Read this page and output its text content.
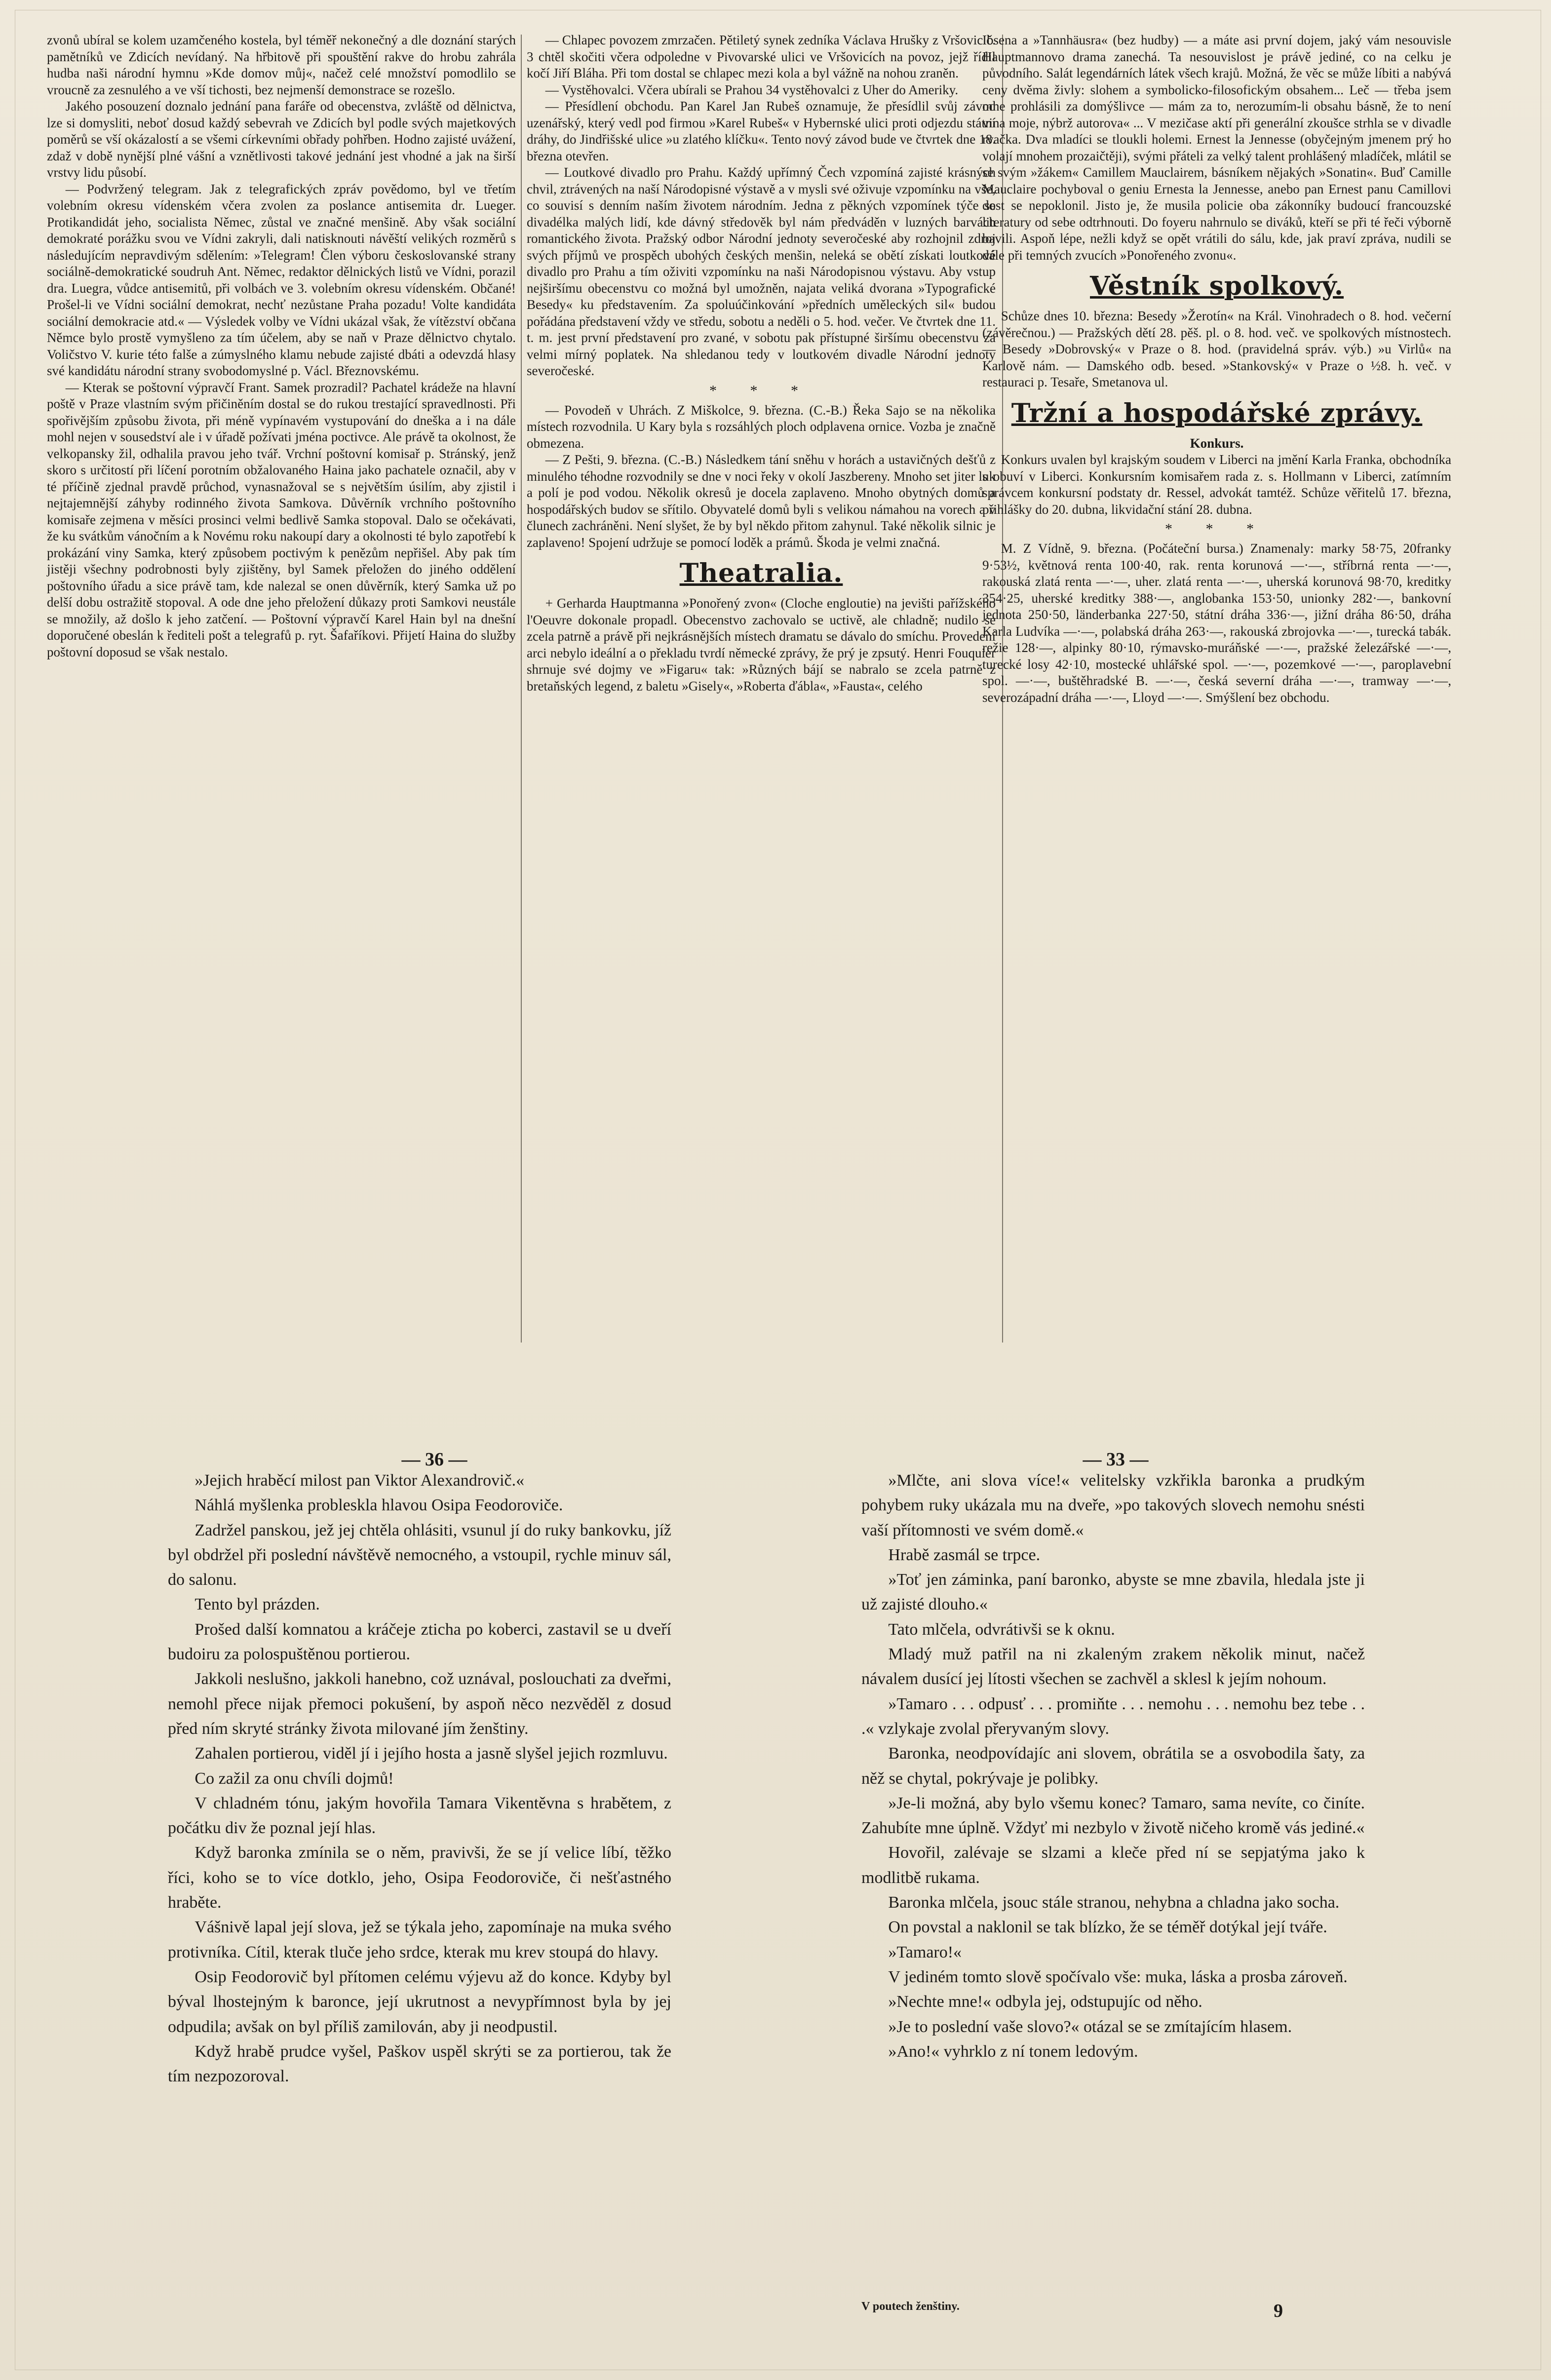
zvonů ubíral se kolem uzamčeného kostela, byl téměř nekonečný a dle doznání starých pamětníků ve Zdicích nevídaný. Na hřbitově při spouštění rakve do hrobu zahrála hudba naši národní hymnu »Kde domov můj«, načež celé množství pomodlilo se vroucně za zesnulého a ve vší tichosti, bez nejmenší demonstrace se rozešlo.

Jakého posouzení doznalo jednání pana faráře od obecenstva, zvláště od dělnictva, lze si domysliti, neboť dosud každý sebevrah ve Zdicích byl podle svých majetkových poměrů se vší okázalostí a se všemi církevními obřady pohřben. Hodno zajisté uvážení, zdaž v době nynější plné vášní a vznětlivosti takové jednání jest vhodné a jak na širší vrstvy lidu působí.

— Podvržený telegram. Jak z telegrafických zpráv povědomo, byl ve třetím volebním okresu vídenském včera zvolen za poslance antisemita dr. Lueger. Protikandidát jeho, socialista Němec, zůstal ve značné menšině. Aby však sociální demokraté porážku svou ve Vídni zakryli, dali natisknouti návěští velikých rozměrů s následujícím nepravdivým sdělením: »Telegram! Člen výboru českoslovanské strany sociálně-demokratické soudruh Ant. Němec, redaktor dělnických listů ve Vídni, porazil dra. Luegra, vůdce antisemitů, při volbách ve 3. volebním okresu vídenském. Občané! Prošel-li ve Vídni sociální demokrat, nechť nezůstane Praha pozadu! Volte kandidáta sociální demokracie atd.« — Výsledek volby ve Vídni ukázal však, že vítězství občana Němce bylo prostě vymyšleno za tím účelem, aby se naň v Praze dělnictvo chytalo. Voličstvo V. kurie této falše a zúmyslného klamu nebude zajisté dbáti a odevzdá hlasy své kandidátu národní strany svobodomyslné p. Václ. Březnovskému.

— Kterak se poštovní výpravčí Frant. Samek prozradil? Pachatel krádeže na hlavní poště v Praze vlastním svým přičiněním dostal se do rukou trestající spravedlnosti. Při spořivějším způsobu života, při méně vypínavém vystupování do dneška a i na dále mohl nejen v sousedství ale i v úřadě požívati jména poctivce. Ale právě ta okolnost, že velkopansky žil, odhalila pravou jeho tvář. Vrchní poštovní komisař p. Stránský, jenž skoro s určitostí při líčení porotním obžalovaného Haina jako pachatele označil, aby v té příčině zjednal pravdě průchod, vynasnažoval se s největším úsilím, aby zjistil i nejtajemnější záhyby rodinného života Samkova. Důvěrník vrchního poštovního komisaře zejmena v měsíci prosinci velmi bedlivě Samka stopoval. Dalo se očekávati, že ku svátkům vánočním a k Novému roku nakoupí dary a okolnosti té bylo zapotřebí k prokázání viny Samka, který způsobem poctivým k penězům nepřišel. Aby pak tím jistěji všechny podrobnosti byly zjištěny, byl Samek přeložen do jiného oddělení poštovního úřadu a sice právě tam, kde nalezal se onen důvěrník, který Samka už po delší dobu ostražitě stopoval. A ode dne jeho přeložení důkazy proti Samkovi neustále se množily, až došlo k jeho zatčení. — Poštovní výpravčí Karel Hain byl na dnešní doporučené obeslán k řediteli pošt a telegrafů p. ryt. Šafaříkovi. Přijetí Haina do služby poštovní doposud se však nestalo.

— Chlapec povozem zmrzačen. Pětiletý synek zedníka Václava Hrušky z Vršovic č. 3 chtěl skočiti včera odpoledne v Pivovarské ulici ve Vršovicích na povoz, jejž řídil kočí Jiří Bláha. Při tom dostal se chlapec mezi kola a byl vážně na nohou zraněn.

— Vystěhovalci. Včera ubírali se Prahou 34 vystěhovalci z Uher do Ameriky.

— Přesídlení obchodu. Pan Karel Jan Rubeš oznamuje, že přesídlil svůj závod uzenářský, který vedl pod firmou »Karel Rubeš« v Hybernské ulici proti odjezdu státní dráhy, do Jindřišské ulice »u zlatého klíčku«. Tento nový závod bude ve čtvrtek dne 18. března otevřen.

— Loutkové divadlo pro Prahu. Každý upřímný Čech vzpomíná zajisté krásných chvil, ztrávených na naší Národopisné výstavě a v mysli své oživuje vzpomínku na vše, co souvisí s denním naším životem národním. Jedna z pěkných vzpomínek týče se divadélka malých lidí, kde dávný středověk byl nám předváděn v luzných barvách romantického života. Pražský odbor Národní jednoty severočeské aby rozhojnil zdroj svých příjmů ve prospěch ubohých českých menšin, neleká se obětí získati loutkové divadlo pro Prahu a tím oživiti vzpomínku na naši Národopisnou výstavu. Aby vstup nejširšímu obecenstvu co možná byl umožněn, najata veliká dvorana »Typografické Besedy« ku představením. Za spoluúčinkování »předních uměleckých sil« budou pořádána představení vždy ve středu, sobotu a neděli o 5. hod. večer. Ve čtvrtek dne 11. t. m. jest první představení pro zvané, v sobotu pak přístupné širšímu obecenstvu za velmi mírný poplatek. Na shledanou tedy v loutkovém divadle Národní jednoty severočeské.

* * *

— Povodeň v Uhrách. Z Miškolce, 9. března. (C.-B.) Řeka Sajo se na několika místech rozvodnila. U Kary byla s rozsáhlých ploch odplavena ornice. Vozba je značně obmezena.

— Z Pešti, 9. března. (C.-B.) Následkem tání sněhu v horách a ustavičných dešťů z minulého téhodne rozvodnily se dne v noci řeky v okolí Jaszbereny. Mnoho set jiter luk a polí je pod vodou. Několik okresů je docela zaplaveno. Mnoho obytných domů a hospodářských budov se sřítilo. Obyvatelé domů byli s velikou námahou na vorech a v člunech zachráněni. Není slyšet, že by byl někdo přitom zahynul. Také několik silnic je zaplaveno! Spojení udržuje se pomocí loděk a prámů. Škoda je velmi značná.

Theatralia.

+ Gerharda Hauptmanna »Ponořený zvon« (Cloche engloutie) na jevišti pařížského l'Oeuvre dokonale propadl. Obecenstvo zachovalo se uctivě, ale chladně; nudilo se zcela patrně a právě při nejkrásnějších místech dramatu se dávalo do smíchu. Provedení arci nebylo ideální a o překladu tvrdí německé zprávy, že prý je zpsutý. Henri Fouquier shrnuje své dojmy ve »Figaru« tak: »Různých bájí se nabralo se zcela patrně z bretaňských legend, z baletu »Gisely«, »Roberta ďábla«, »Fausta«, celého

Ibsena a »Tannhäusra« (bez hudby) — a máte asi první dojem, jaký vám nesouvisle Hauptmannovo drama zanechá. Ta nesouvislost je právě jediné, co na celku je původního. Salát legendárních látek všech krajů. Možná, že věc se může líbiti a nabývá ceny dvěma živly: slohem a symbolicko-filosofickým obsahem... Leč — třeba jsem mne prohlásili za domýšlivce — mám za to, nerozumím-li obsahu básně, že to není vina moje, nýbrž autorova« ... V mezičase aktí při generální zkoušce strhla se v divadle rvačka. Dva mladíci se tloukli holemi. Ernest la Jennesse (obyčejným jmenem prý ho volají mnohem prozaičtěji), svými přáteli za velký talent prohlášený mladíček, mlátil se se svým »žákem« Camillem Mauclairem, básníkem nějakých »Sonatin«. Buď Camille Mauclaire pochyboval o geniu Ernesta la Jennesse, anebo pan Ernest panu Camillovi dost se nepoklonil. Jisto je, že musila policie oba zákonníky budoucí francouzské literatury od sebe odtrhnouti. Do foyeru nahrnulo se diváků, kteří se při té řeči výborně bavili. Aspoň lépe, nežli když se opět vrátili do sálu, kde, jak praví zpráva, nudili se dále při temných zvucích »Ponořeného zvonu«.

Věstník spolkový.

Schůze dnes 10. března: Besedy »Žerotín« na Král. Vinohradech o 8. hod. večerní (závěrečnou.) — Pražských dětí 28. pěš. pl. o 8. hod. več. ve spolkových místnostech. — Besedy »Dobrovský« v Praze o 8. hod. (pravidelná správ. výb.) »u Virlů« na Karlově nám. — Damského odb. besed. »Stankovský« v Praze o ½8. h. več. v restauraci p. Tesaře, Smetanova ul.

Tržní a hospodářské zprávy.
Konkurs.

Konkurs uvalen byl krajským soudem v Liberci na jmění Karla Franka, obchodníka s obuví v Liberci. Konkursním komisařem rada z. s. Hollmann v Liberci, zatímním správcem konkursní podstaty dr. Ressel, advokát tamtéž. Schůze věřitelů 17. března, přihlášky do 20. dubna, likvidační stání 28. dubna.

* * *

M. Z Vídně, 9. března. (Počáteční bursa.) Znamenaly: marky 58·75, 20franky 9·53½, květnová renta 100·40, rak. renta korunová —·—, stříbrná renta —·—, rakouská zlatá renta —·—, uher. zlatá renta —·—, uherská korunová 98·70, kreditky 354·25, uherské kreditky 388·—, anglobanka 153·50, unionky 282·—, bankovní jednota 250·50, länderbanka 227·50, státní dráha 336·—, jižní dráha 86·50, dráha Karla Ludvíka —·—, polabská dráha 263·—, rakouská zbrojovka —·—, turecká tabák. režie 128·—, alpinky 80·10, rýmavsko-muráňské —·—, pražské železářské —·—, turecké losy 42·10, mostecké uhlářské spol. —·—, pozemkové —·—, paroplavební spol. —·—, buštěhradské B. —·—, česká severní dráha —·—, tramway —·—, severozápadní dráha —·—, Lloyd —·—. Smýšlení bez obchodu.

— 36 —	— 33 —

»Jejich hraběcí milost pan Viktor Alexandrovič.«

Náhlá myšlenka probleskla hlavou Osipa Feodoroviče.

Zadržel panskou, jež jej chtěla ohlásiti, vsunul jí do ruky bankovku, jíž byl obdržel při poslední návštěvě nemocného, a vstoupil, rychle minuv sál, do salonu.

Tento byl prázden.

Prošed další komnatou a kráčeje zticha po koberci, zastavil se u dveří budoiru za polospuštěnou portierou.

Jakkoli neslušno, jakkoli hanebno, což uznával, poslouchati za dveřmi, nemohl přece nijak přemoci pokušení, by aspoň něco nezvěděl z dosud před ním skryté stránky života milované jím ženštiny.

Zahalen portierou, viděl jí i jejího hosta a jasně slyšel jejich rozmluvu.

Co zažil za onu chvíli dojmů!

V chladném tónu, jakým hovořila Tamara Vikentěvna s hrabětem, z počátku div že poznal její hlas.

Když baronka zmínila se o něm, pravivši, že se jí velice líbí, těžko říci, koho se to více dotklo, jeho, Osipa Feodoroviče, či nešťastného hraběte.

Vášnivě lapal její slova, jež se týkala jeho, zapomínaje na muka svého protivníka. Cítil, kterak tluče jeho srdce, kterak mu krev stoupá do hlavy.

Osip Feodorovič byl přítomen celému výjevu až do konce. Kdyby byl býval lhostejným k baronce, její ukrutnost a nevypřímnost byla by jej odpudila; avšak on byl příliš zamilován, aby ji neodpustil.

Když hrabě prudce vyšel, Paškov uspěl skrýti se za portierou, tak že tím nezpozoroval.

»Mlčte, ani slova více!« velitelsky vzkřikla baronka a prudkým pohybem ruky ukázala mu na dveře, »po takových slovech nemohu snésti vaší přítomnosti ve svém domě.«

Hrabě zasmál se trpce.

»Toť jen záminka, paní baronko, abyste se mne zbavila, hledala jste ji už zajisté dlouho.«

Tato mlčela, odvrátivši se k oknu.

Mladý muž patřil na ni zkaleným zrakem několik minut, načež návalem dusící jej lítosti všechen se zachvěl a sklesl k jejím nohoum.

»Tamaro . . . odpusť . . . promiňte . . . nemohu . . . nemohu bez tebe . . .« vzlykaje zvolal přeryvaným slovy.

Baronka, neodpovídajíc ani slovem, obrátila se a osvobodila šaty, za něž se chytal, pokrývaje je polibky.

»Je-li možná, aby bylo všemu konec? Tamaro, sama nevíte, co činíte. Zahubíte mne úplně. Vždyť mi nezbylo v životě ničeho kromě vás jediné.«

Hovořil, zalévaje se slzami a kleče před ní se sepjatýma jako k modlitbě rukama.

Baronka mlčela, jsouc stále stranou, nehybna a chladna jako socha.

On povstal a naklonil se tak blízko, že se téměř dotýkal její tváře.

»Tamaro!«

V jediném tomto slově spočívalo vše: muka, láska a prosba zároveň.

»Nechte mne!« odbyla jej, odstupujíc od něho.

»Je to poslední vaše slovo?« otázal se se zmítajícím hlasem.

»Ano!« vyhrklo z ní tonem ledovým.

V poutech ženštiny.	9
